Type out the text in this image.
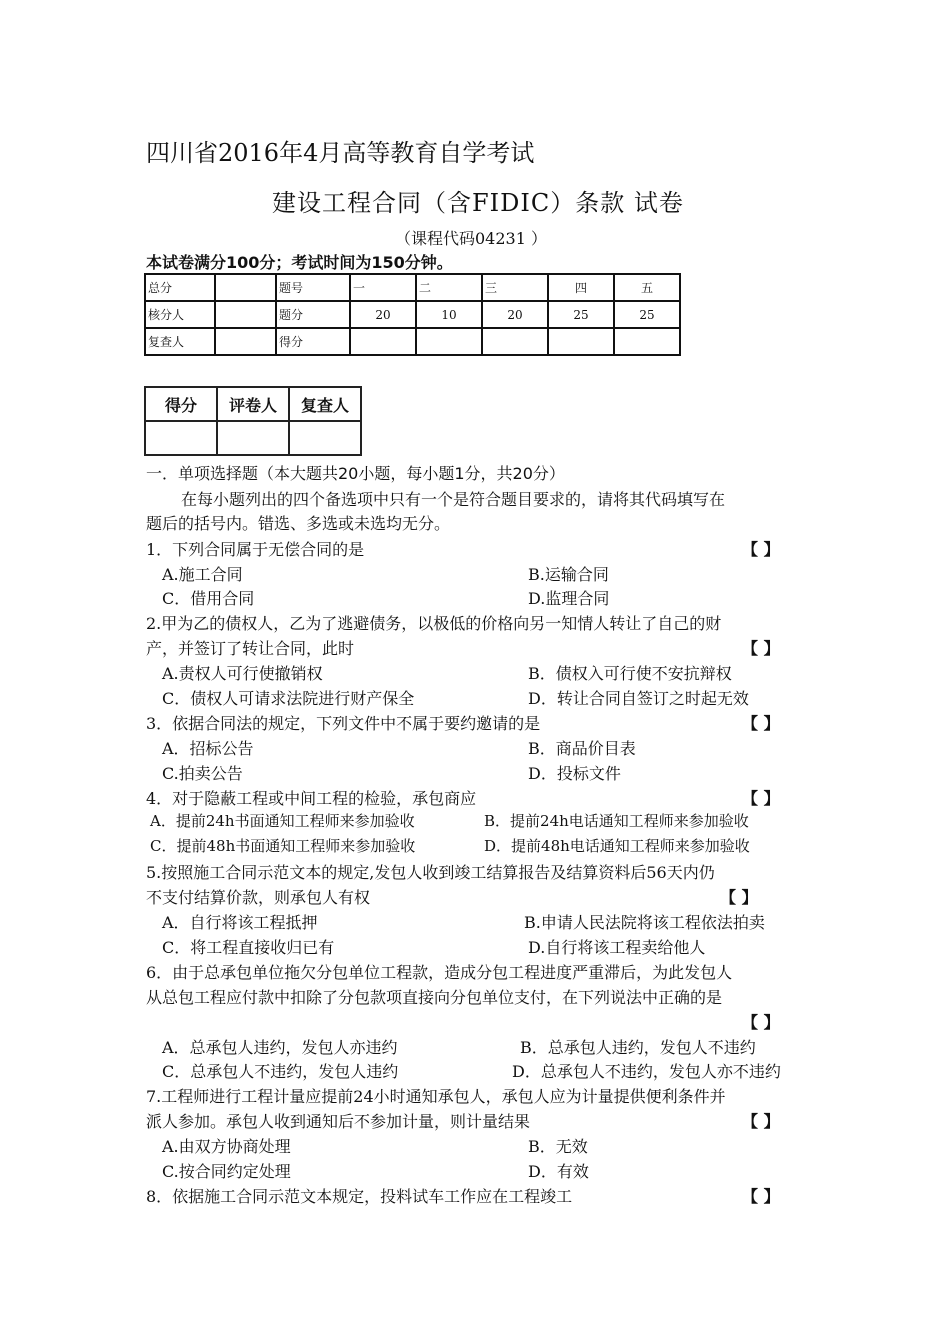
四川省2016年4月高等教育自学考试
建设工程合同（含FIDIC）条款 试卷
（课程代码04231 ）
本试卷满分100分；考试时间为150分钟。
总分		题号	一	二	三	四	五
核分人		题分	20	10	20	25	25
复查人		得分					
得分	评卷人	复查人

一．单项选择题（本大题共20小题，每小题1分，共20分）
在每小题列出的四个备选项中只有一个是符合题目要求的，请将其代码填写在
题后的括号内。错选、多选或未选均无分。
1．下列合同属于无偿合同的是	【 】
A.施工合同	B.运输合同
C．借用合同	D.监理合同
2.甲为乙的债权人，乙为了逃避债务，以极低的价格向另一知情人转让了自己的财
产，并签订了转让合同，此时	【 】
A.责权人可行使撤销权	B．债权入可行使不安抗辩权
C．债权人可请求法院进行财产保全	D．转让合同自签订之时起无效
3．依据合同法的规定，下列文件中不属于要约邀请的是	【 】
A．招标公告	B．商品价目表
C.拍卖公告	D．投标文件
4．对于隐蔽工程或中间工程的检验，承包商应	【 】
A．提前24h书面通知工程师来参加验收	B．提前24h电话通知工程师来参加验收
C．提前48h书面通知工程师来参加验收	D．提前48h电话通知工程师来参加验收
5.按照施工合同示范文本的规定,发包人收到竣工结算报告及结算资料后56天内仍
不支付结算价款，则承包人有权	【 】
A．自行将该工程抵押	B.申请人民法院将该工程依法拍卖
C．将工程直接收归已有	D.自行将该工程卖给他人
6．由于总承包单位拖欠分包单位工程款，造成分包工程进度严重滞后，为此发包人
从总包工程应付款中扣除了分包款项直接向分包单位支付，在下列说法中正确的是
【 】
A．总承包人违约，发包人亦违约	B．总承包人违约，发包人不违约
C．总承包人不违约，发包人违约	D．总承包人不违约，发包人亦不违约
7.工程师进行工程计量应提前24小时通知承包人，承包人应为计量提供便利条件并
派人参加。承包人收到通知后不参加计量，则计量结果	【 】
A.由双方协商处理	B．无效
C.按合同约定处理	D．有效
8．依据施工合同示范文本规定，投料试车工作应在工程竣工	【 】
